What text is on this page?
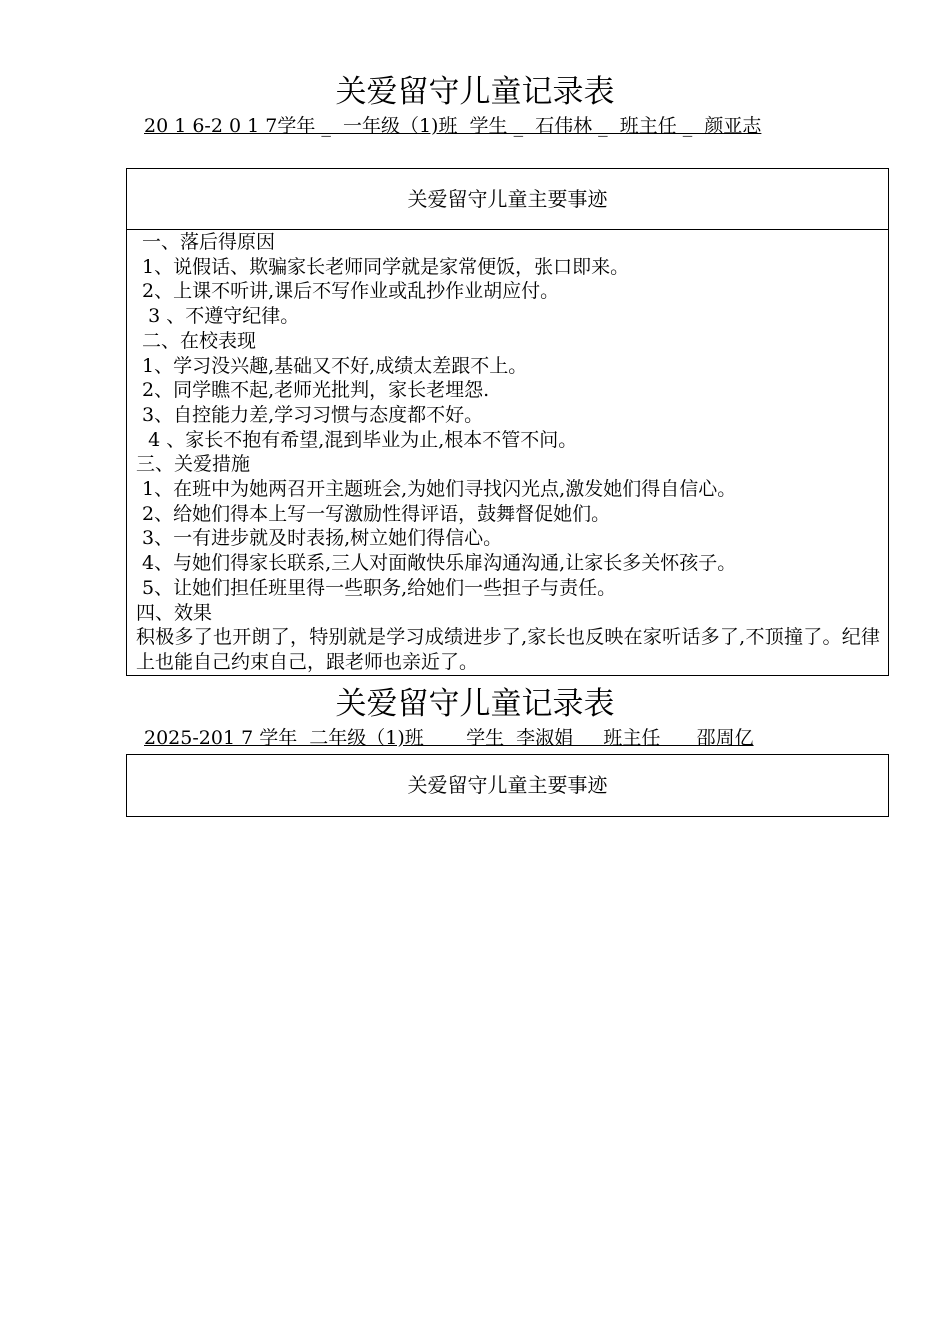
关爱留守儿童记录表
20 1 6-2 0 1 7学年 _  一年级（1)班  学生 _  石伟林 _  班主任 _  颜亚志
关爱留守儿童主要事迹
一、落后得原因
1、说假话、欺骗家长老师同学就是家常便饭，张口即来。
2、上课不听讲,课后不写作业或乱抄作业胡应付。
3 、不遵守纪律。
二、在校表现
1、学习没兴趣,基础又不好,成绩太差跟不上。
2、同学瞧不起,老师光批判，家长老埋怨.
3、自控能力差,学习习惯与态度都不好。
4 、家长不抱有希望,混到毕业为止,根本不管不问。
三、关爱措施
1、在班中为她两召开主题班会,为她们寻找闪光点,激发她们得自信心。
2、给她们得本上写一写激励性得评语，鼓舞督促她们。
3、一有进步就及时表扬,树立她们得信心。
4、与她们得家长联系,三人对面敞快乐扉沟通沟通,让家长多关怀孩子。
5、让她们担任班里得一些职务,给她们一些担子与责任。
四、效果
积极多了也开朗了，特别就是学习成绩进步了,家长也反映在家听话多了,不顶撞了。纪律上也能自己约束自己，跟老师也亲近了。
关爱留守儿童记录表
2025-201 7 学年  二年级（1)班       学生  李淑娟     班主任      邵周亿
关爱留守儿童主要事迹
